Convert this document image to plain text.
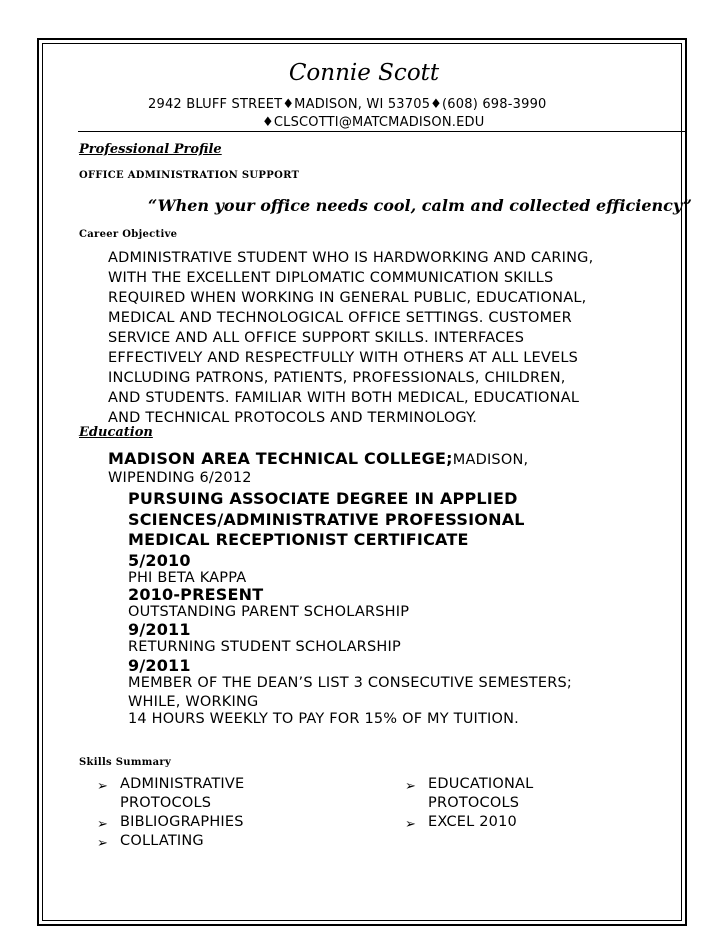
Connie Scott
2942 BLUFF STREET♦MADISON, WI 53705♦(608) 698-3990
♦CLSCOTTI@MATCMADISON.EDU
Professional Profile
OFFICE ADMINISTRATION SUPPORT
“When your office needs cool, calm and collected efficiency”
Career Objective
ADMINISTRATIVE STUDENT WHO IS HARDWORKING AND CARING,
WITH THE EXCELLENT DIPLOMATIC COMMUNICATION SKILLS
REQUIRED WHEN WORKING IN GENERAL PUBLIC, EDUCATIONAL,
MEDICAL AND TECHNOLOGICAL OFFICE SETTINGS. CUSTOMER
SERVICE AND ALL OFFICE SUPPORT SKILLS. INTERFACES
EFFECTIVELY AND RESPECTFULLY WITH OTHERS AT ALL LEVELS
INCLUDING PATRONS, PATIENTS, PROFESSIONALS, CHILDREN,
AND STUDENTS. FAMILIAR WITH BOTH MEDICAL, EDUCATIONAL
AND TECHNICAL PROTOCOLS AND TERMINOLOGY.
Education
MADISON AREA TECHNICAL COLLEGE;MADISON,
WIPENDING 6/2012
PURSUING ASSOCIATE DEGREE IN APPLIED
SCIENCES/ADMINISTRATIVE PROFESSIONAL
MEDICAL RECEPTIONIST CERTIFICATE
5/2010
PHI BETA KAPPA
2010-PRESENT
OUTSTANDING PARENT SCHOLARSHIP
9/2011
RETURNING STUDENT SCHOLARSHIP
9/2011
MEMBER OF THE DEAN’S LIST 3 CONSECUTIVE SEMESTERS;
WHILE, WORKING
14 HOURS WEEKLY TO PAY FOR 15% OF MY TUITION.
Skills Summary
➢ ADMINISTRATIVE
PROTOCOLS
➢ BIBLIOGRAPHIES
➢ COLLATING
➢ EDUCATIONAL
PROTOCOLS
➢ EXCEL 2010
